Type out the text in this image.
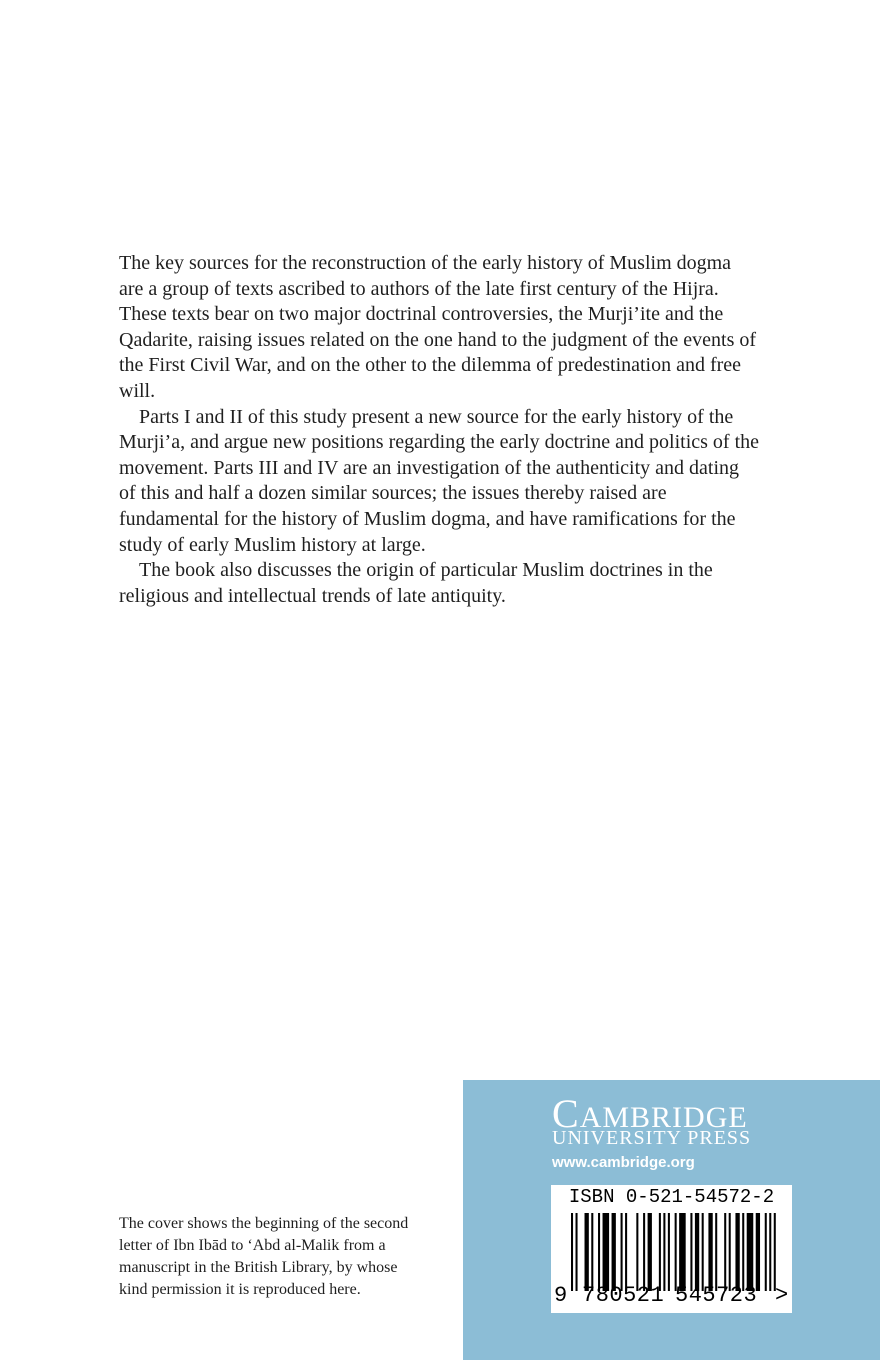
The key sources for the reconstruction of the early history of Muslim dogma are a group of texts ascribed to authors of the late first century of the Hijra. These texts bear on two major doctrinal controversies, the Murji’ite and the Qadarite, raising issues related on the one hand to the judgment of the events of the First Civil War, and on the other to the dilemma of predestination and free will.

Parts I and II of this study present a new source for the early history of the Murji’a, and argue new positions regarding the early doctrine and politics of the movement. Parts III and IV are an investigation of the authenticity and dating of this and half a dozen similar sources; the issues thereby raised are fundamental for the history of Muslim dogma, and have ramifications for the study of early Muslim history at large.

The book also discusses the origin of particular Muslim doctrines in the religious and intellectual trends of late antiquity.

The cover shows the beginning of the second
letter of Ibn Ibād to ‘Abd al-Malik from a
manuscript in the British Library, by whose
kind permission it is reproduced here.
CAMBRIDGE
UNIVERSITY PRESS
www.cambridge.org
ISBN 0-521-54572-2
9 780521 545723 >
